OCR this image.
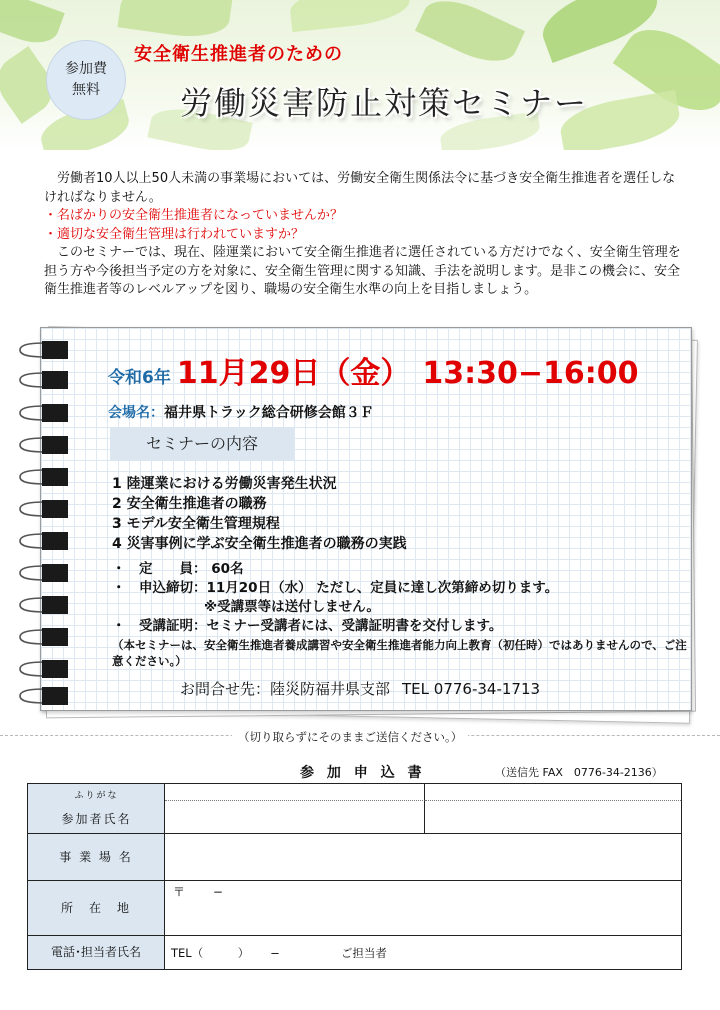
参加費
無料
安全衛生推進者のための
労働災害防止対策セミナー

　労働者10人以上50人未満の事業場においては、労働安全衛生関係法令に基づき安全衛生推進者を選任しなければなりません。

・名ばかりの安全衛生推進者になっていませんか？

・適切な安全衛生管理は行われていますか？

　このセミナーでは、現在、陸運業において安全衛生推進者に選任されている方だけでなく、安全衛生管理を担う方や今後担当予定の方を対象に、安全衛生管理に関する知識、手法を説明します。是非この機会に、安全衛生推進者等のレベルアップを図り、職場の安全衛生水準の向上を目指しましょう。

令和6年 11月29日（金） 13:30−16:00
会場名：福井県トラック総合研修会館３Ｆ
セミナーの内容
1 陸運業における労働災害発生状況
2 安全衛生推進者の職務
3 モデル安全衛生管理規程
4 災害事例に学ぶ安全衛生推進者の職務の実践
・　定　　員： 60名
・　申込締切：11月20日（水） ただし、定員に達し次第締め切ります。
※受講票等は送付しません。
・　受講証明：セミナー受講者には、受講証明書を交付します。
（本セミナーは、安全衛生推進者養成講習や安全衛生推進者能力向上教育（初任時）ではありませんので、ご注意ください。）
お問合せ先：陸災防福井県支部 TEL 0776-34-1713
（切り取らずにそのままご送信ください。）
参 加 申 込 書	（送信先 FAX　0776-34-2136）
ふりがな
参加者氏名
事 業 場 名
所　在　地
〒　　 −
電話･担当者氏名	TEL（　　　）　　 −　　　　　 ご担当者
